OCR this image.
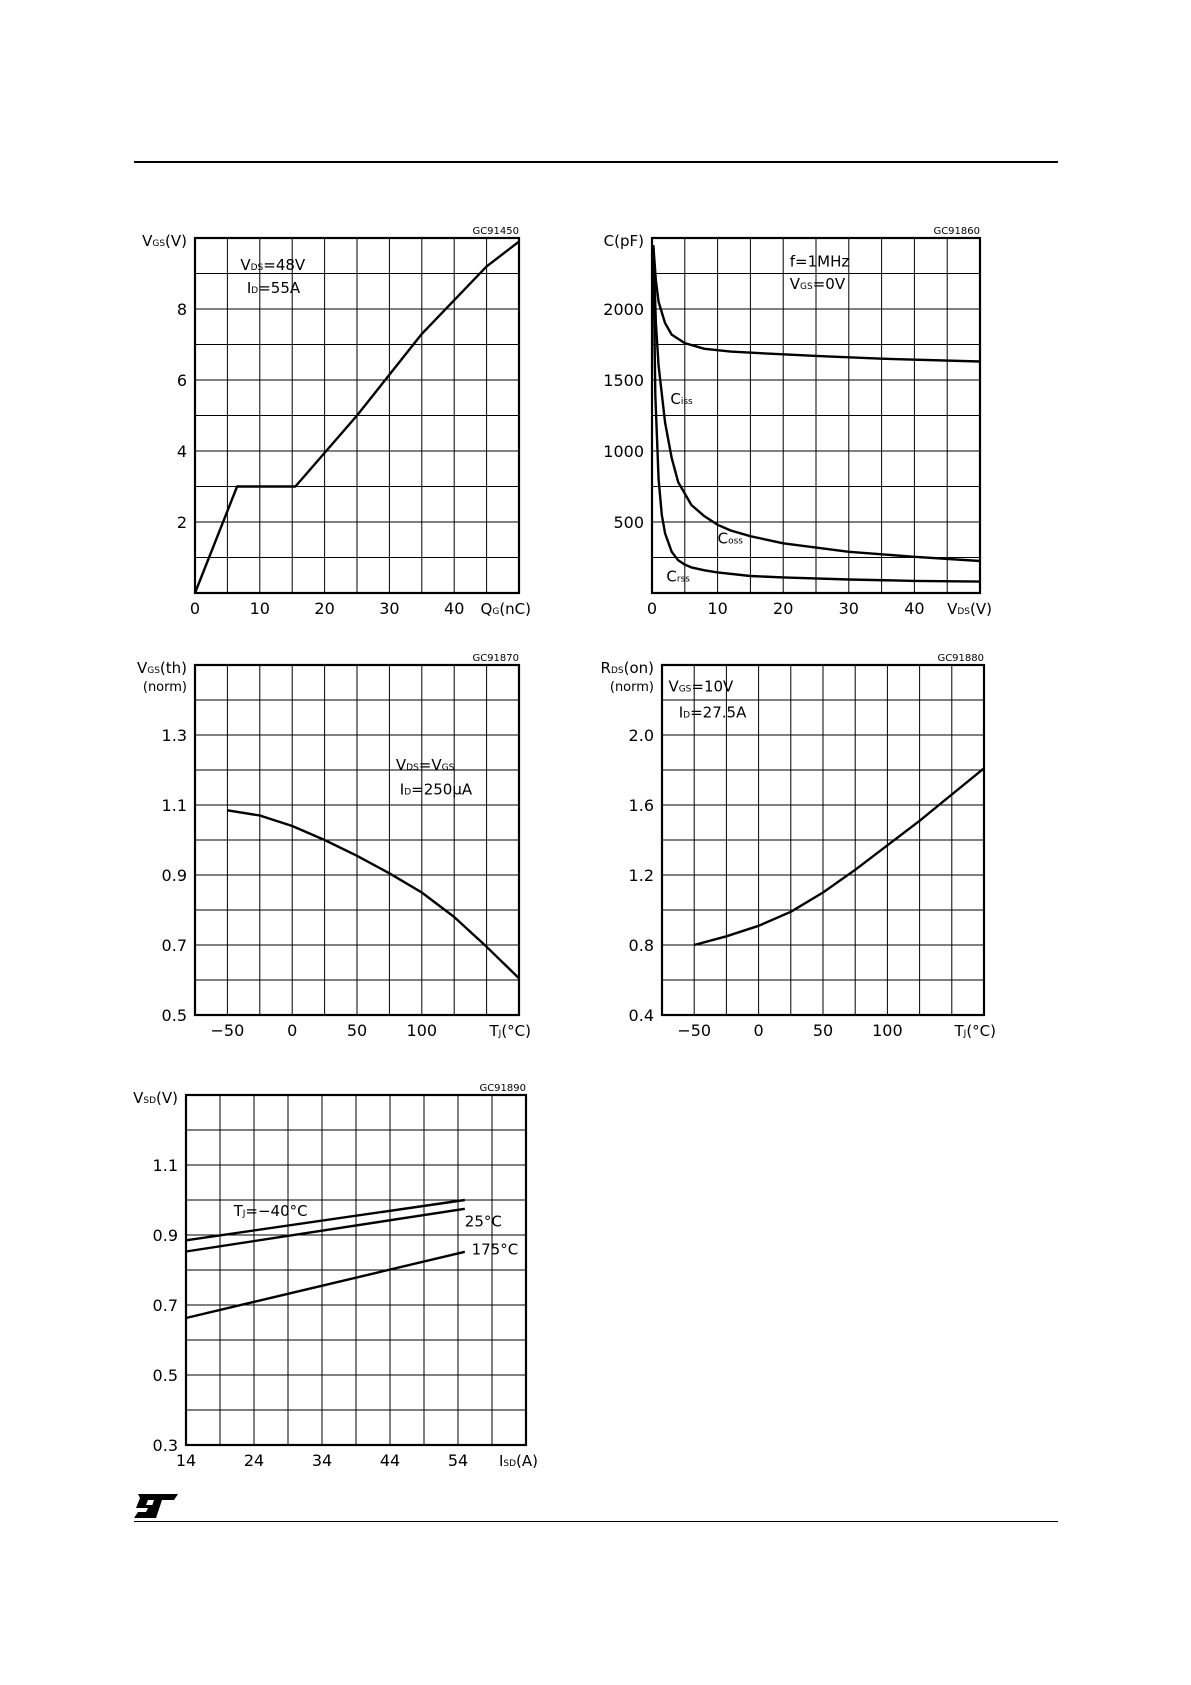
ST
GC91450
0	10	20	30	40
2
4
6
8
VGS(V)
QG(nC)
VDS=48V
ID=55A
GC91860
0	10	20	30	40
500
1000
1500
2000
C(pF)
VDS(V)
f=1MHz
VGS=0V
Ciss
Coss
Crss
GC91870
−50	0	50 100
0.5
0.7
0.9
1.1
1.3
VGS(th)
(norm)
TJ(°C)
VDS=VGS
ID=250μA
GC91880
−50	0	50 100
0.4
0.8
1.2
1.6
2.0
RDS(on)
(norm)
TJ(°C)
VGS=10V
ID=27.5A
GC91890
14	24	34	44	54
0.3
0.5
0.7
0.9
1.1
VSD(V)
ISD(A)
TJ=−40°C
25°C
175°C
